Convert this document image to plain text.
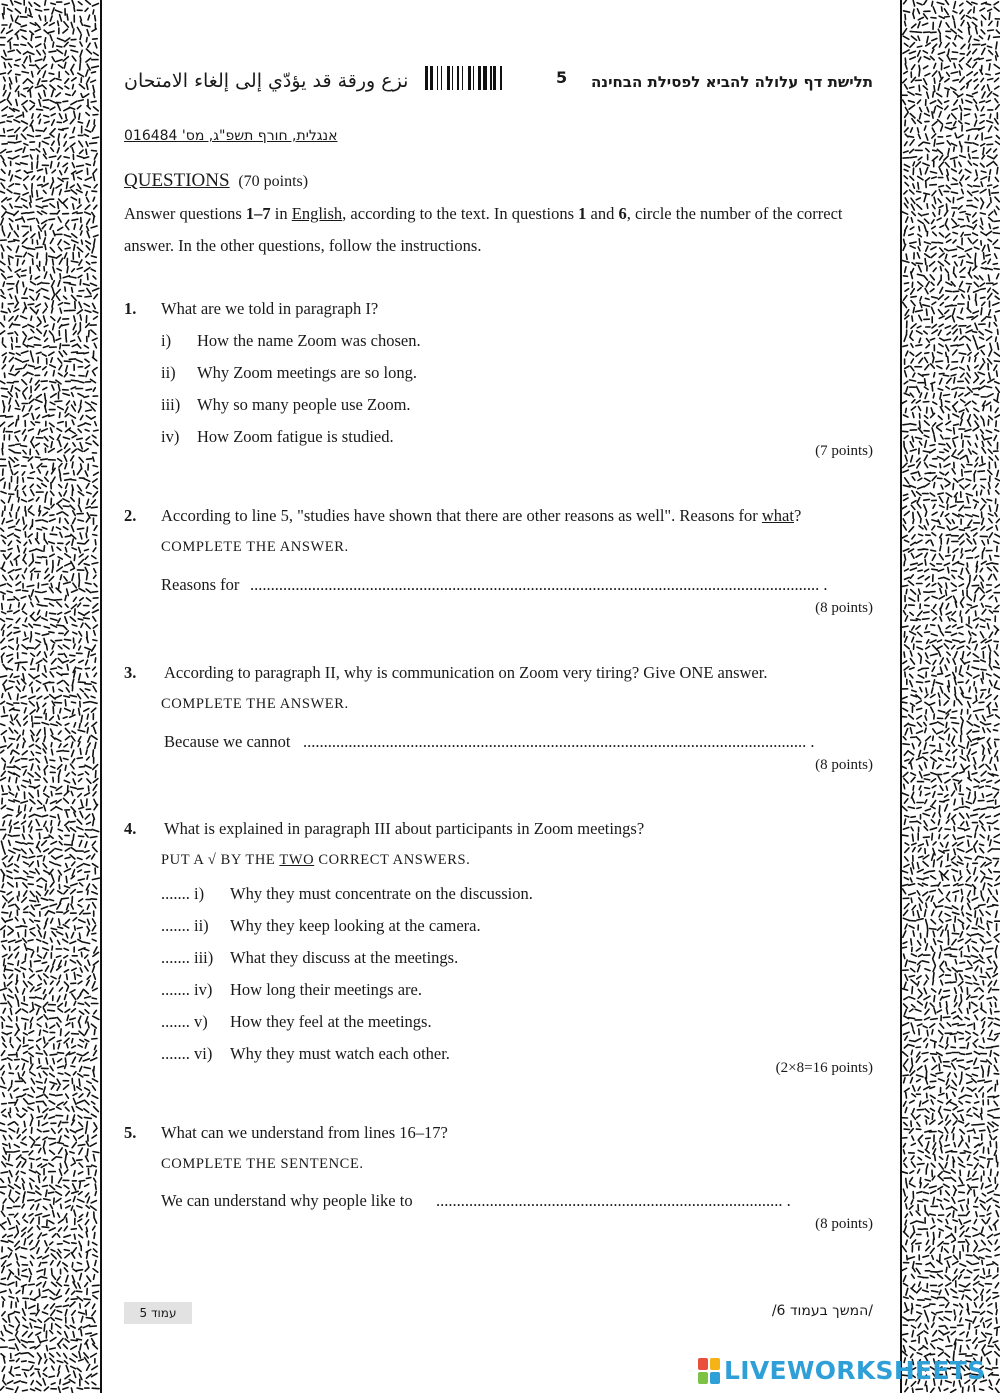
نزع ورقة قد يؤدّي إلى إلغاء الامتحان	5 תלישת דף עלולה להביא לפסילת הבחינה
אנגלית, חורף תשפ"ג, מס' 016484
QUESTIONS (70 points)
Answer questions 1–7 in English, according to the text. In questions 1 and 6, circle the number of the correct answer. In the other questions, follow the instructions.
1. What are we told in paragraph I?
i) How the name Zoom was chosen.
ii) Why Zoom meetings are so long.
iii) Why so many people use Zoom.
iv) How Zoom fatigue is studied.
(7 points)
2. According to line 5, "studies have shown that there are other reasons as well". Reasons for what?
COMPLETE THE ANSWER.
Reasons for .......................................................................................................................................... .
(8 points)
3. According to paragraph II, why is communication on Zoom very tiring? Give ONE answer.
COMPLETE THE ANSWER.
Because we cannot .......................................................................................................................... .
(8 points)
4. What is explained in paragraph III about participants in Zoom meetings?
PUT A √ BY THE TWO CORRECT ANSWERS.
....... i) Why they must concentrate on the discussion.
....... ii) Why they keep looking at the camera.
....... iii) What they discuss at the meetings.
....... iv) How long their meetings are.
....... v) How they feel at the meetings.
....... vi) Why they must watch each other.
(2×8=16 points)
5. What can we understand from lines 16–17?
COMPLETE THE SENTENCE.
We can understand why people like to .................................................................................... .
(8 points)
עמוד 5	/המשך בעמוד 6/
LIVEWORKSHEETS
